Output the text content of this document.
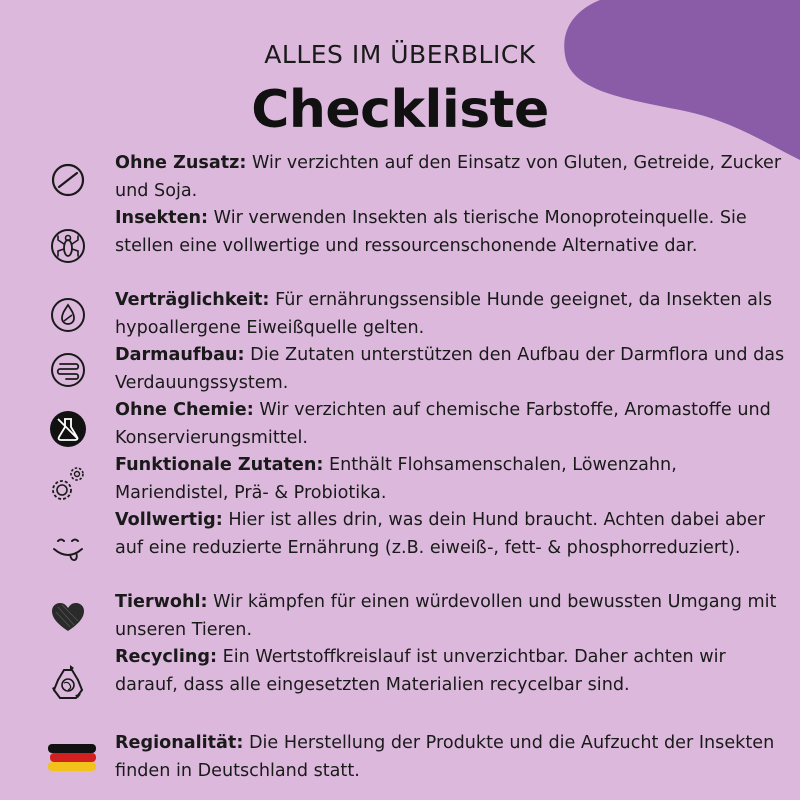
ALLES IM ÜBERBLICK
Checkliste
Ohne Zusatz: Wir verzichten auf den Einsatz von Gluten, Getreide, Zucker und Soja.
Insekten: Wir verwenden Insekten als tierische Monoproteinquelle. Sie stellen eine vollwertige und ressourcenschonende Alternative dar.
Verträglichkeit: Für ernährungssensible Hunde geeignet, da Insekten als hypoallergene Eiweißquelle gelten.
Darmaufbau: Die Zutaten unterstützen den Aufbau der Darmflora und das Verdauungssystem.
Ohne Chemie: Wir verzichten auf chemische Farbstoffe, Aromastoffe und Konservierungsmittel.
Funktionale Zutaten: Enthält Flohsamenschalen, Löwenzahn, Mariendistel, Prä- & Probiotika.
Vollwertig: Hier ist alles drin, was dein Hund braucht. Achten dabei aber auf eine reduzierte Ernährung (z.B. eiweiß-, fett- & phosphorreduziert).
Tierwohl: Wir kämpfen für einen würdevollen und bewussten Umgang mit unseren Tieren.
Recycling: Ein Wertstoffkreislauf ist unverzichtbar. Daher achten wir darauf, dass alle eingesetzten Materialien recycelbar sind.
Regionalität: Die Herstellung der Produkte und die Aufzucht der Insekten finden in Deutschland statt.
